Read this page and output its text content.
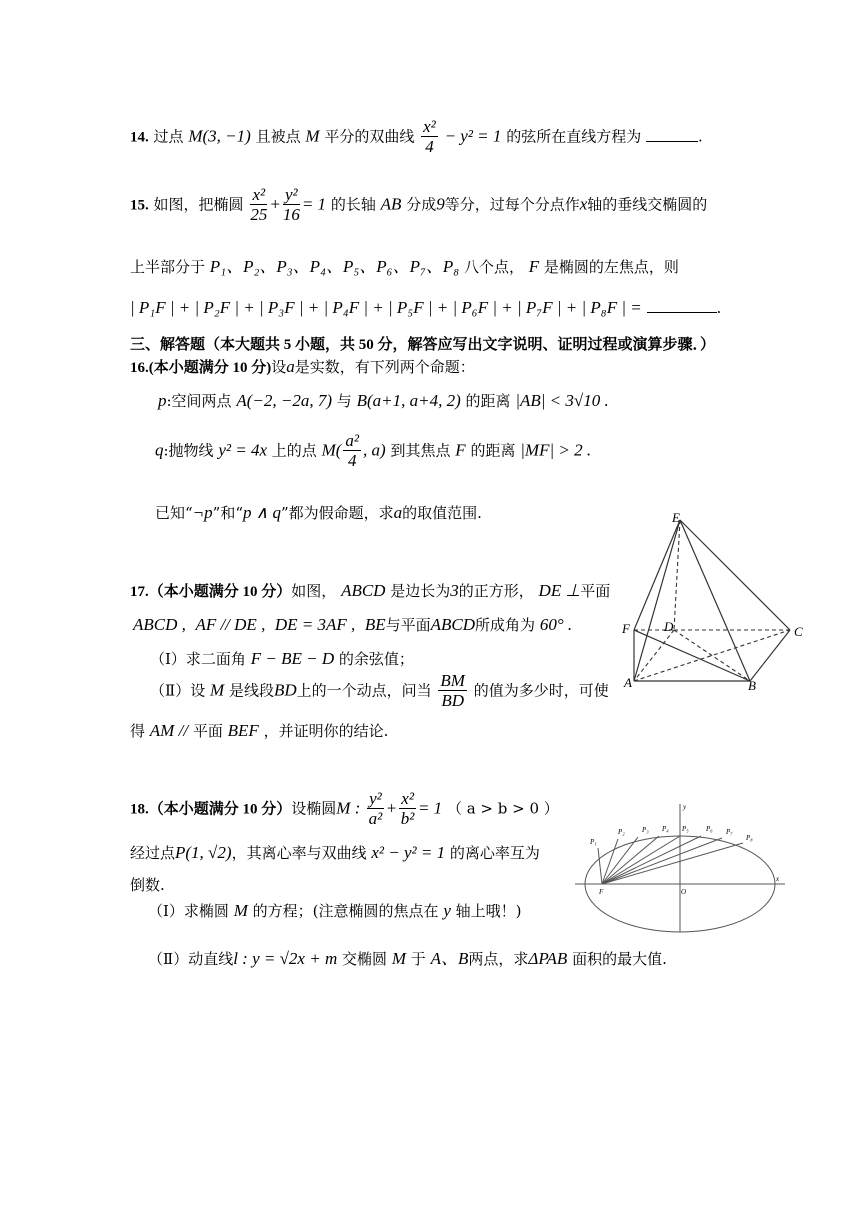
14. 过点 M(3, −1) 且被点 M 平分的双曲线 $\frac{\text{x²}}{4} - y^2 = 1$ 的弦所在直线方程为	.
15. 如图，把椭圆 $\frac{\text{x²}}{25} + \frac{\text{y²}}{16} = 1$ 的长轴 AB 分成9等分，过每个分点作x轴的垂线交椭圆的
上半部分于 P₁、P₂、P₃、P₄、P₅、P₆、P₇、P₈ 八个点， F 是椭圆的左焦点，则
| P₁F | + | P₂F | + | P₃F | + | P₄F | + | P₅F | + | P₆F | + | P₇F | + | P₈F | =	.
三、解答题（本大题共 5 小题，共 50 分，解答应写出文字说明、证明过程或演算步骤．）
16.(本小题满分 10 分)设a是实数，有下列两个命题：
p:空间两点 A(−2, −2a, 7) 与 B(a+1, a+4, 2) 的距离 |AB| < 3√10 .
q:抛物线 y² = 4x 上的点 $M( \frac{\text{a²}}{4}$ , a) 到其焦点 F 的距离 |MF| > 2 .
已知“¬p”和“p ∧ q”都为假命题，求a的取值范围.
17.（本小题满分 10 分）如图， ABCD 是边长为3的正方形， DE ⊥平面
ABCD , AF // DE , DE = 3AF , BE与平面ABCD所成角为 60° .
（Ⅰ）求二面角 F − BE − D 的余弦值；
（Ⅱ）设 M 是线段BD上的一个动点，问当 $\frac{BM}{BD}$ 的值为多少时，可使
得 AM // 平面 BEF ，并证明你的结论.
E
F	D	C
A	B
18.（本小题满分 10 分）设椭圆M : $\frac{\text{y²}}{\text{a²}} + \frac{\text{x²}}{\text{b²}} = 1$ （ a > b > 0 ）
经过点P(1, √2)，其离心率与双曲线 x² − y² = 1 的离心率互为
倒数.
（Ⅰ）求椭圆 M 的方程；(注意椭圆的焦点在 y 轴上哦！)
（Ⅱ）动直线l : y = √2x + m 交椭圆 M 于 A、B两点，求ΔPAB 面积的最大值.
P₁
P₂ P₃ P₄ P₅ P₆ P₇
P₈
F	O
x
y
